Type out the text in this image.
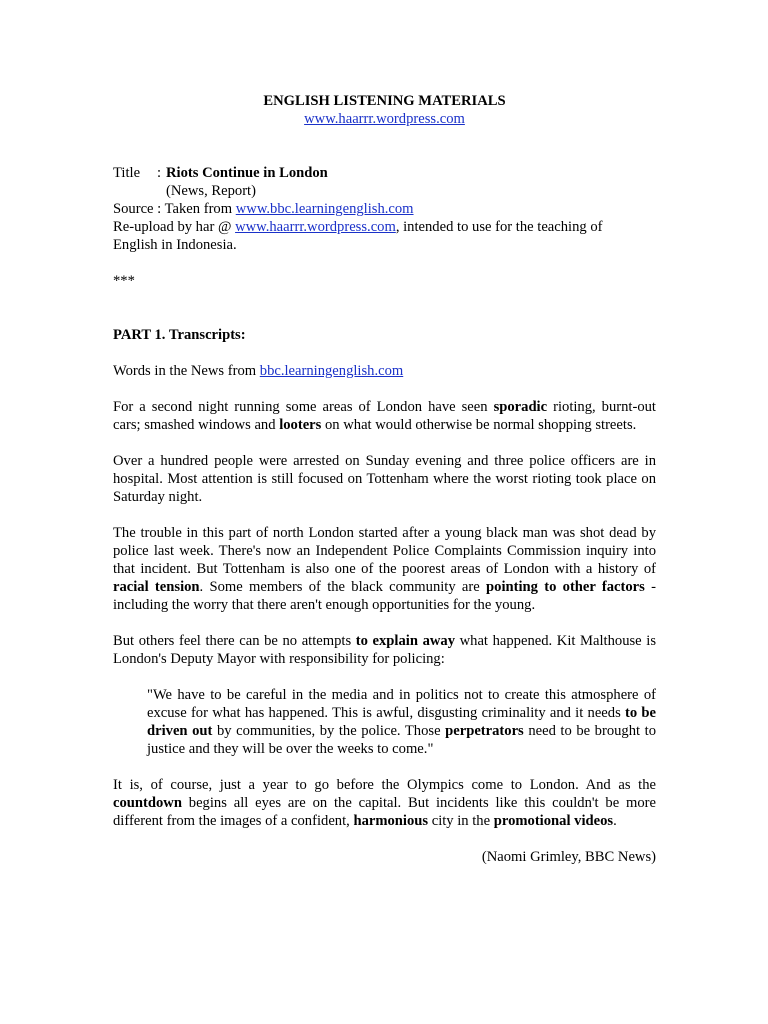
ENGLISH LISTENING MATERIALS

www.haarrr.wordpress.com

Title : Riots Continue in London

(News, Report)

Source : Taken from www.bbc.learningenglish.com

Re-upload by har @ www.haarrr.wordpress.com, intended to use for the teaching of

English in Indonesia.

***

PART 1. Transcripts:

Words in the News from bbc.learningenglish.com

For a second night running some areas of London have seen sporadic rioting, burnt-out cars; smashed windows and looters on what would otherwise be normal shopping streets.

Over a hundred people were arrested on Sunday evening and three police officers are in hospital. Most attention is still focused on Tottenham where the worst rioting took place on Saturday night.

The trouble in this part of north London started after a young black man was shot dead by police last week. There's now an Independent Police Complaints Commission inquiry into that incident. But Tottenham is also one of the poorest areas of London with a history of racial tension. Some members of the black community are pointing to other factors - including the worry that there aren't enough opportunities for the young.

But others feel there can be no attempts to explain away what happened. Kit Malthouse is London's Deputy Mayor with responsibility for policing:

"We have to be careful in the media and in politics not to create this atmosphere of excuse for what has happened. This is awful, disgusting criminality and it needs to be driven out by communities, by the police. Those perpetrators need to be brought to justice and they will be over the weeks to come."

It is, of course, just a year to go before the Olympics come to London. And as the countdown begins all eyes are on the capital. But incidents like this couldn't be more different from the images of a confident, harmonious city in the promotional videos.

(Naomi Grimley, BBC News)
